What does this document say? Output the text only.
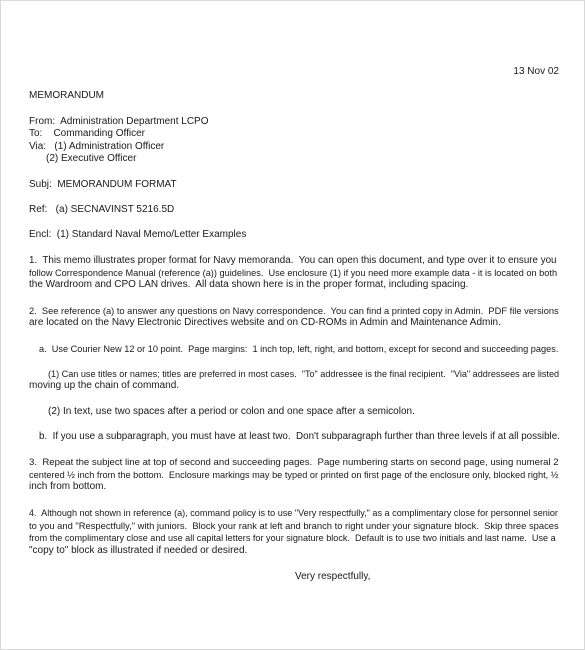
13 Nov 02
MEMORANDUM
From:  Administration Department LCPO
To:    Commanding Officer
Via:   (1) Administration Officer
(2) Executive Officer
Subj:  MEMORANDUM FORMAT
Ref:   (a) SECNAVINST 5216.5D
Encl:  (1) Standard Naval Memo/Letter Examples
1.  This memo illustrates proper format for Navy memoranda.  You can open this document, and type over it to ensure you
follow Correspondence Manual (reference (a)) guidelines.  Use enclosure (1) if you need more example data - it is located on both
the Wardroom and CPO LAN drives.  All data shown here is in the proper format, including spacing.
2.  See reference (a) to answer any questions on Navy correspondence.  You can find a printed copy in Admin.  PDF file versions
are located on the Navy Electronic Directives website and on CD-ROMs in Admin and Maintenance Admin.
a.  Use Courier New 12 or 10 point.  Page margins:  1 inch top, left, right, and bottom, except for second and succeeding pages.
(1) Can use titles or names; titles are preferred in most cases.  "To" addressee is the final recipient.  "Via" addressees are listed
moving up the chain of command.
(2) In text, use two spaces after a period or colon and one space after a semicolon.
b.  If you use a subparagraph, you must have at least two.  Don't subparagraph further than three levels if at all possible.
3.  Repeat the subject line at top of second and succeeding pages.  Page numbering starts on second page, using numeral 2
centered ½ inch from the bottom.  Enclosure markings may be typed or printed on first page of the enclosure only, blocked right, ½
inch from bottom.
4.  Although not shown in reference (a), command policy is to use "Very respectfully," as a complimentary close for personnel senior
to you and "Respectfully," with juniors.  Block your rank at left and branch to right under your signature block.  Skip three spaces
from the complimentary close and use all capital letters for your signature block.  Default is to use two initials and last name.  Use a
"copy to" block as illustrated if needed or desired.
Very respectfully,
